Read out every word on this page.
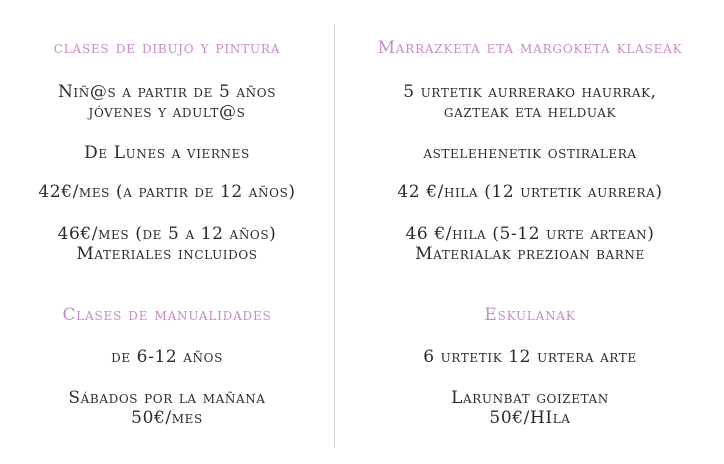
clases de dibujo y pintura
Niñ@s a partir de 5 años
jóvenes y adult@s
De Lunes a viernes
42€/mes (a partir de 12 años)
46€/mes (de 5 a 12 años)
Materiales incluidos
Clases de manualidades
de 6-12 años
Sábados por la mañana
50€/mes
Marrazketa eta margoketa klaseak
5 urtetik aurrerako haurrak,
gazteak eta helduak
astelehenetik ostiralera
42 €/hila (12 urtetik aurrera)
46 €/hila (5-12 urte artean)
Materialak prezioan barne
Eskulanak
6 urtetik 12 urtera arte
Larunbat goizetan
50€/HIla
